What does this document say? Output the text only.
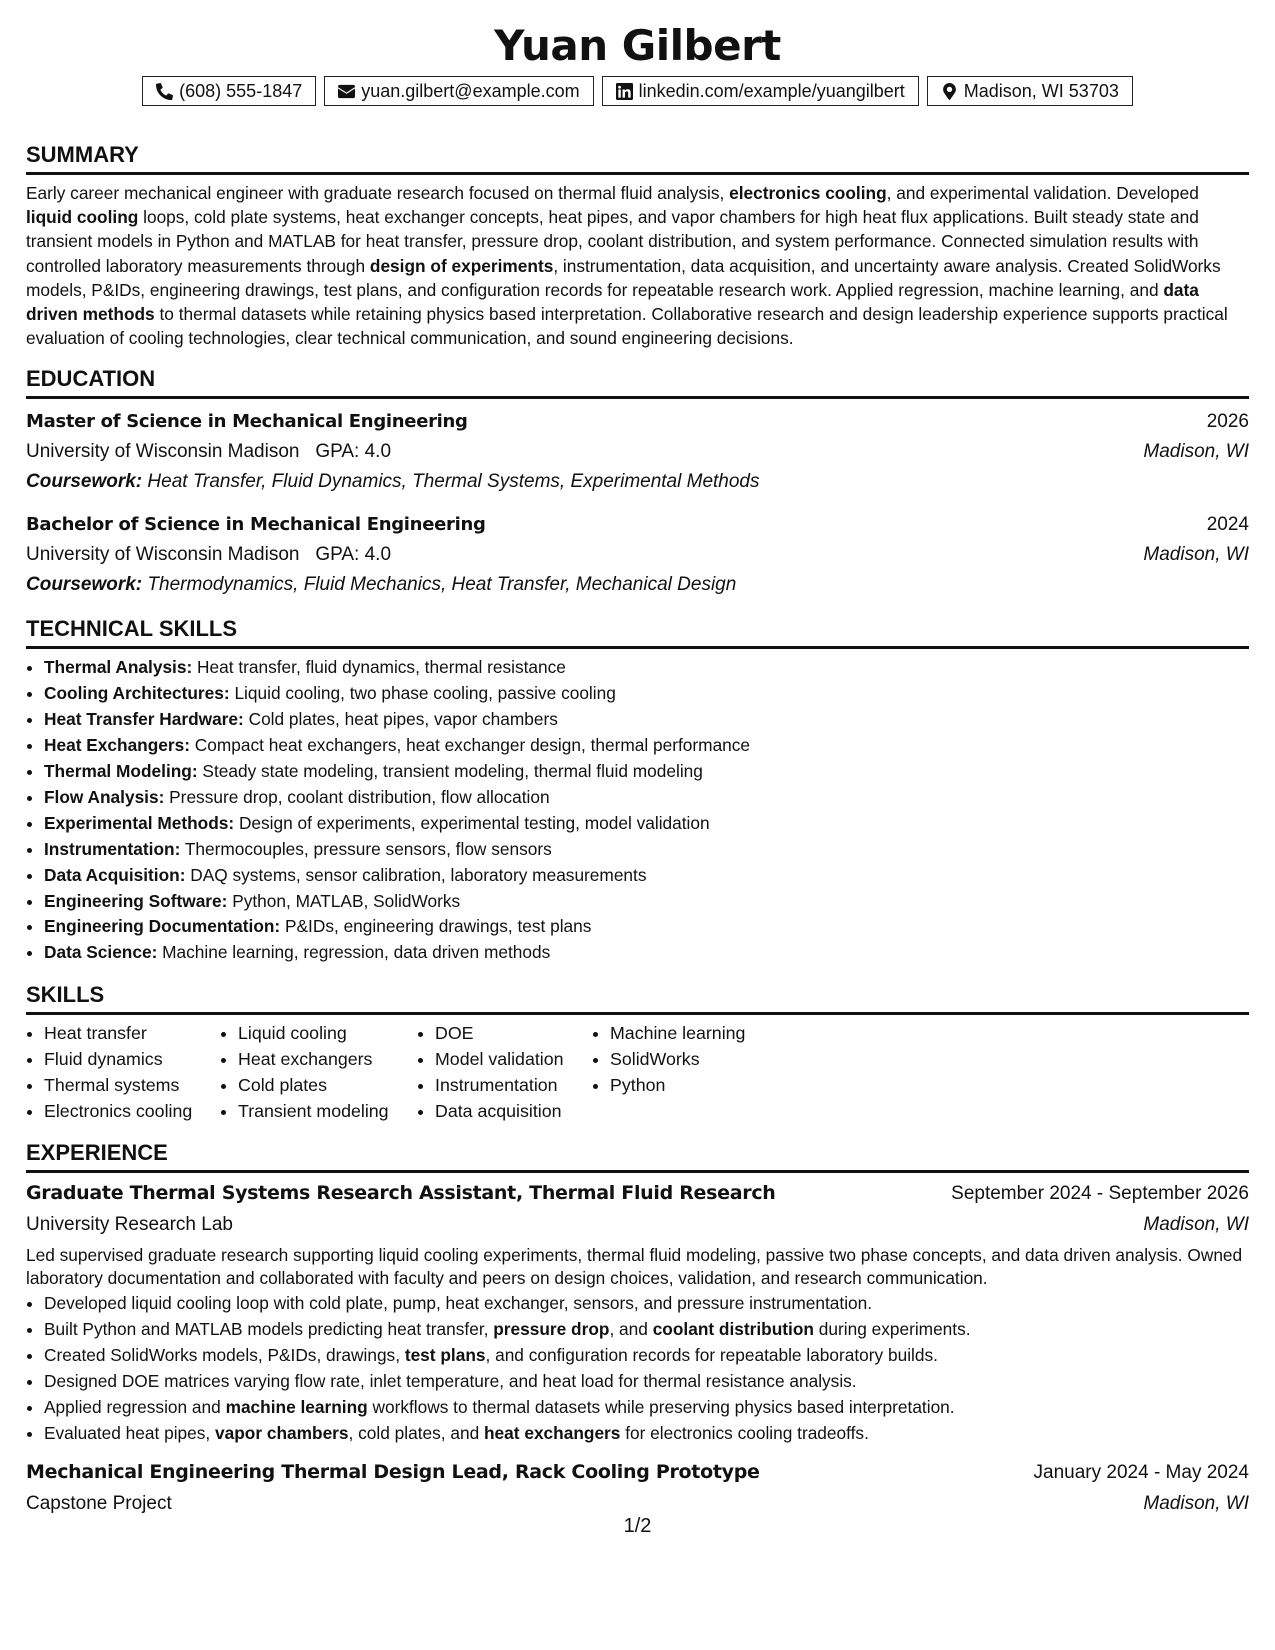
Yuan Gilbert
(608) 555-1847	yuan.gilbert@example.com	linkedin.com/example/yuangilbert	Madison, WI 53703
SUMMARY

Early career mechanical engineer with graduate research focused on thermal fluid analysis, electronics cooling, and experimental validation. Developed liquid cooling loops, cold plate systems, heat exchanger concepts, heat pipes, and vapor chambers for high heat flux applications. Built steady state and transient models in Python and MATLAB for heat transfer, pressure drop, coolant distribution, and system performance. Connected simulation results with controlled laboratory measurements through design of experiments, instrumentation, data acquisition, and uncertainty aware analysis. Created SolidWorks models, P&IDs, engineering drawings, test plans, and configuration records for repeatable research work. Applied regression, machine learning, and data driven methods to thermal datasets while retaining physics based interpretation. Collaborative research and design leadership experience supports practical evaluation of cooling technologies, clear technical communication, and sound engineering decisions.

EDUCATION
Master of Science in Mechanical Engineering	2026
University of Wisconsin Madison GPA: 4.0	Madison, WI
Coursework: Heat Transfer, Fluid Dynamics, Thermal Systems, Experimental Methods
Bachelor of Science in Mechanical Engineering	2024
University of Wisconsin Madison GPA: 4.0	Madison, WI
Coursework: Thermodynamics, Fluid Mechanics, Heat Transfer, Mechanical Design
TECHNICAL SKILLS
• Thermal Analysis: Heat transfer, fluid dynamics, thermal resistance
• Cooling Architectures: Liquid cooling, two phase cooling, passive cooling
• Heat Transfer Hardware: Cold plates, heat pipes, vapor chambers
• Heat Exchangers: Compact heat exchangers, heat exchanger design, thermal performance
• Thermal Modeling: Steady state modeling, transient modeling, thermal fluid modeling
• Flow Analysis: Pressure drop, coolant distribution, flow allocation
• Experimental Methods: Design of experiments, experimental testing, model validation
• Instrumentation: Thermocouples, pressure sensors, flow sensors
• Data Acquisition: DAQ systems, sensor calibration, laboratory measurements
• Engineering Software: Python, MATLAB, SolidWorks
• Engineering Documentation: P&IDs, engineering drawings, test plans
• Data Science: Machine learning, regression, data driven methods
SKILLS
• Heat transfer
• Fluid dynamics
• Thermal systems
• Electronics cooling
• Liquid cooling
• Heat exchangers
• Cold plates
• Transient modeling
• DOE
• Model validation
• Instrumentation
• Data acquisition
• Machine learning
• SolidWorks
• Python
EXPERIENCE
Graduate Thermal Systems Research Assistant, Thermal Fluid Research	September 2024 - September 2026
University Research Lab	Madison, WI

Led supervised graduate research supporting liquid cooling experiments, thermal fluid modeling, passive two phase concepts, and data driven analysis. Owned laboratory documentation and collaborated with faculty and peers on design choices, validation, and research communication.

• Developed liquid cooling loop with cold plate, pump, heat exchanger, sensors, and pressure instrumentation.
• Built Python and MATLAB models predicting heat transfer, pressure drop, and coolant distribution during experiments.
• Created SolidWorks models, P&IDs, drawings, test plans, and configuration records for repeatable laboratory builds.
• Designed DOE matrices varying flow rate, inlet temperature, and heat load for thermal resistance analysis.
• Applied regression and machine learning workflows to thermal datasets while preserving physics based interpretation.
• Evaluated heat pipes, vapor chambers, cold plates, and heat exchangers for electronics cooling tradeoffs.
Mechanical Engineering Thermal Design Lead, Rack Cooling Prototype	January 2024 - May 2024
Capstone Project	Madison, WI
1/2
